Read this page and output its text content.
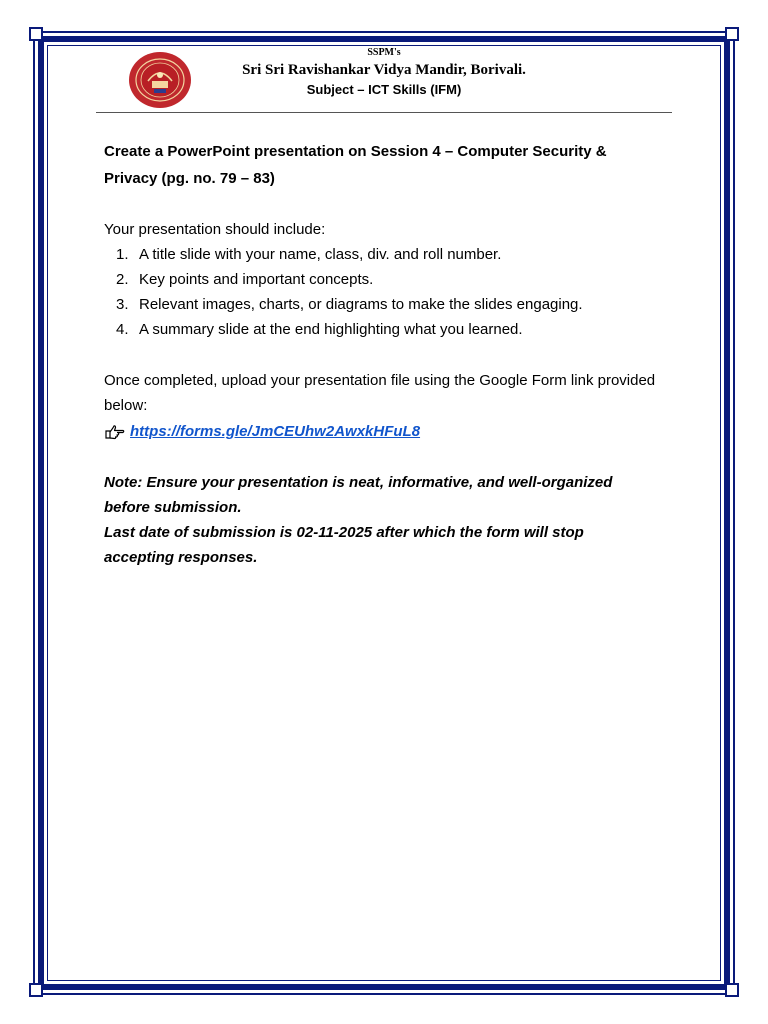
SSPM's
Sri Sri Ravishankar Vidya Mandir, Borivali.
Subject – ICT Skills (IFM)
Create a PowerPoint presentation on Session 4 – Computer Security &
Privacy (pg. no. 79 – 83)
Your presentation should include:
1. A title slide with your name, class, div. and roll number.
2. Key points and important concepts.
3. Relevant images, charts, or diagrams to make the slides engaging.
4. A summary slide at the end highlighting what you learned.
Once completed, upload your presentation file using the Google Form link provided
below:
https://forms.gle/JmCEUhw2AwxkHFuL8
Note: Ensure your presentation is neat, informative, and well-organized
before submission.
Last date of submission is 02-11-2025 after which the form will stop
accepting responses.
